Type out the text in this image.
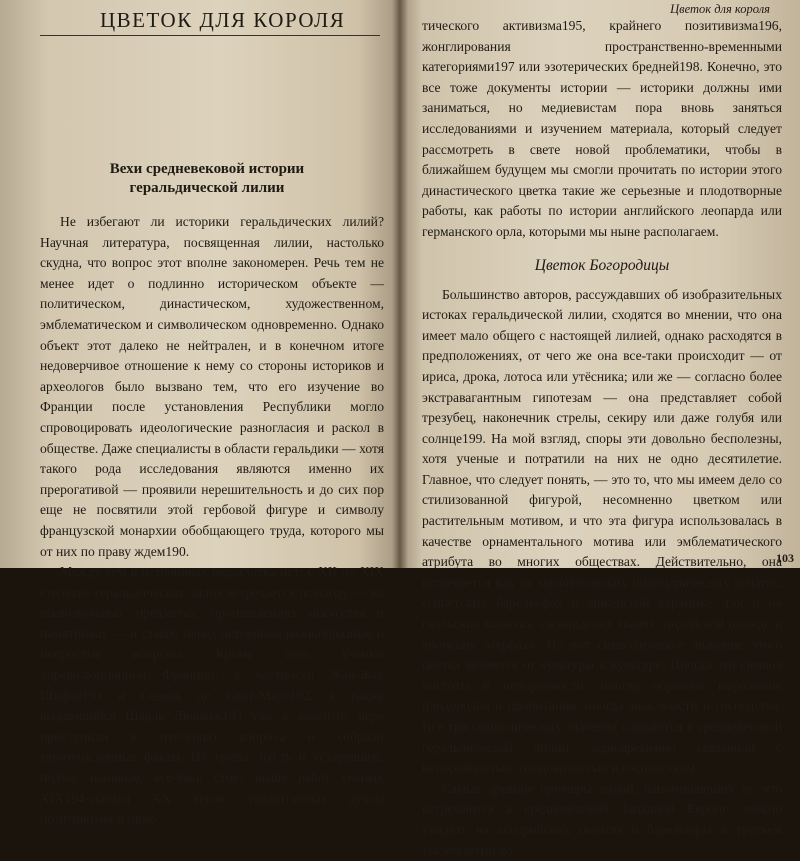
ЦВЕТОК ДЛЯ КОРОЛЯ
Вехи средневековой истории
геральдической лилии

Не избегают ли историки геральдических лилий? Научная литература, посвященная лилии, настолько скудна, что вопрос этот вполне закономерен. Речь тем не менее идет о подлинно историческом объекте — политическом, династическом, художественном, эмблематическом и символическом одновременно. Однако объект этот далеко не нейтрален, и в конечном итоге недоверчивое отношение к нему со стороны историков и археологов было вызвано тем, что его изучение во Франции после установления Республики могло спровоцировать идеологические разногласия и раскол в обществе. Даже специалисты в области геральдики — хотя такого рода исследования являются именно их прерогативой — проявили нерешительность и до сих пор еще не посвятили этой гербовой фигуре и символу французской монархии обобщающего труда, которого мы от них по праву ждем190.

Между тем в источниках недостатка нет: с XII по XIX столетие геральдическая лилия встречается повсюду — на всевозможных предметах, произведениях искусства и памятниках — и ставит перед историком разнообразные и непростые вопросы. Кроме того, ученые дореволюционной Франции, в частности Жан-Жак Шифле191 и Севоль де Сент-Март192, а также выдающийся Шарль Дюканж193 уже в какой-то мере приступили к изучению вопроса и собрали многочисленные факты. Их труды, пусть и устаревшие, подчас наивные, все-таки стоят выше работ ученых XIX194–начала XX веков, пропитанных духом позитивизма и прак-

Цветок для короля

тического активизма195, крайнего позитивизма196, жонглирования пространственно-временными категориями197 или эзотерических бредней198. Конечно, это все тоже документы истории — историки должны ими заниматься, но медиевистам пора вновь заняться исследованиями и изучением материала, который следует рассмотреть в свете новой проблематики, чтобы в ближайшем будущем мы смогли прочитать по истории этого династического цветка такие же серьезные и плодотворные работы, как работы по истории английского леопарда или германского орла, которыми мы ныне располагаем.

Цветок Богородицы

Большинство авторов, рассуждавших об изобразительных истоках геральдической лилии, сходятся во мнении, что она имеет мало общего с настоящей лилией, однако расходятся в предположениях, от чего же она все-таки происходит — от ириса, дрока, лотоса или утёсника; или же — согласно более экстравагантным гипотезам — она представляет собой трезубец, наконечник стрелы, секиру или даже голубя или солнце199. На мой взгляд, споры эти довольно бесполезны, хотя ученые и потратили на них не одно десятилетие. Главное, что следует понять, — это то, что мы имеем дело со стилизованной фигурой, несомненно цветком или растительным мотивом, и что эта фигура использовалась в качестве орнаментального мотива или эмблематического атрибута во многих обществах. Действительно, она встречается как на месопотамских цилиндрических печатях, египетских барельефах и микенской керамике, так и на галльских монетах, сасанидских тканях, индейской одежде и японских «гербах». Но вот символическое значение этого цветка меняется от культуры к культуре. Иногда это символ чистоты и непорочности, иногда образное выражение плодородия и пропитания, иногда знак власти и господства. Все три символических значения сливаются в средневековой геральдической лилии, одновременно связанной с непорочностью, плодовитостью и господством.

Самые древние примеры лилий, напоминающих те, что встречаются в средневековой Западной Европе, можно увидеть на ассирийских печатях и барельефах в третьем тысячелетии до

103
